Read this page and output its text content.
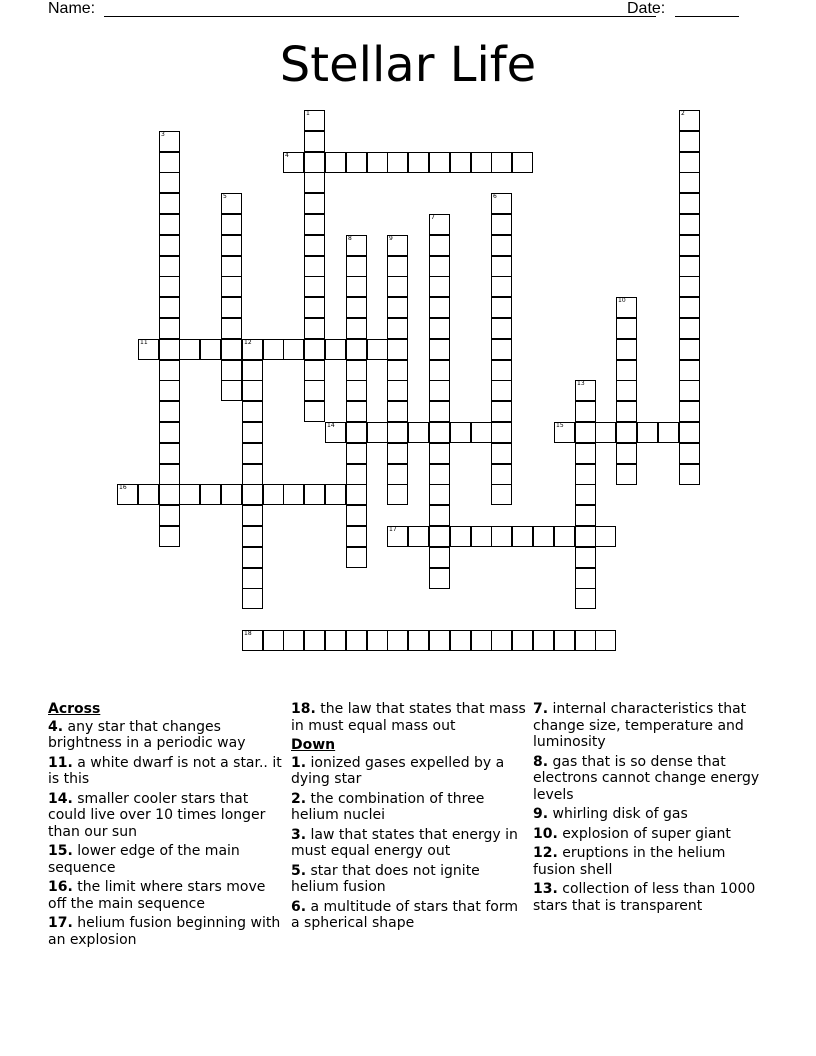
Name:	Date:
Stellar Life
1	2
3
4
5	6
7
8	9
10
11	12
13
14	15
16
17
18
Across
4. any star that changes brightness in a periodic way
11. a white dwarf is not a star.. it is this
14. smaller cooler stars that could live over 10 times longer than our sun
15. lower edge of the main sequence
16. the limit where stars move off the main sequence
17. helium fusion beginning with an explosion
18. the law that states that mass in must equal mass out
Down
1. ionized gases expelled by a dying star
2. the combination of three helium nuclei
3. law that states that energy in must equal energy out
5. star that does not ignite helium fusion
6. a multitude of stars that form a spherical shape
7. internal characteristics that change size, temperature and luminosity
8. gas that is so dense that electrons cannot change energy levels
9. whirling disk of gas
10. explosion of super giant
12. eruptions in the helium fusion shell
13. collection of less than 1000 stars that is transparent
